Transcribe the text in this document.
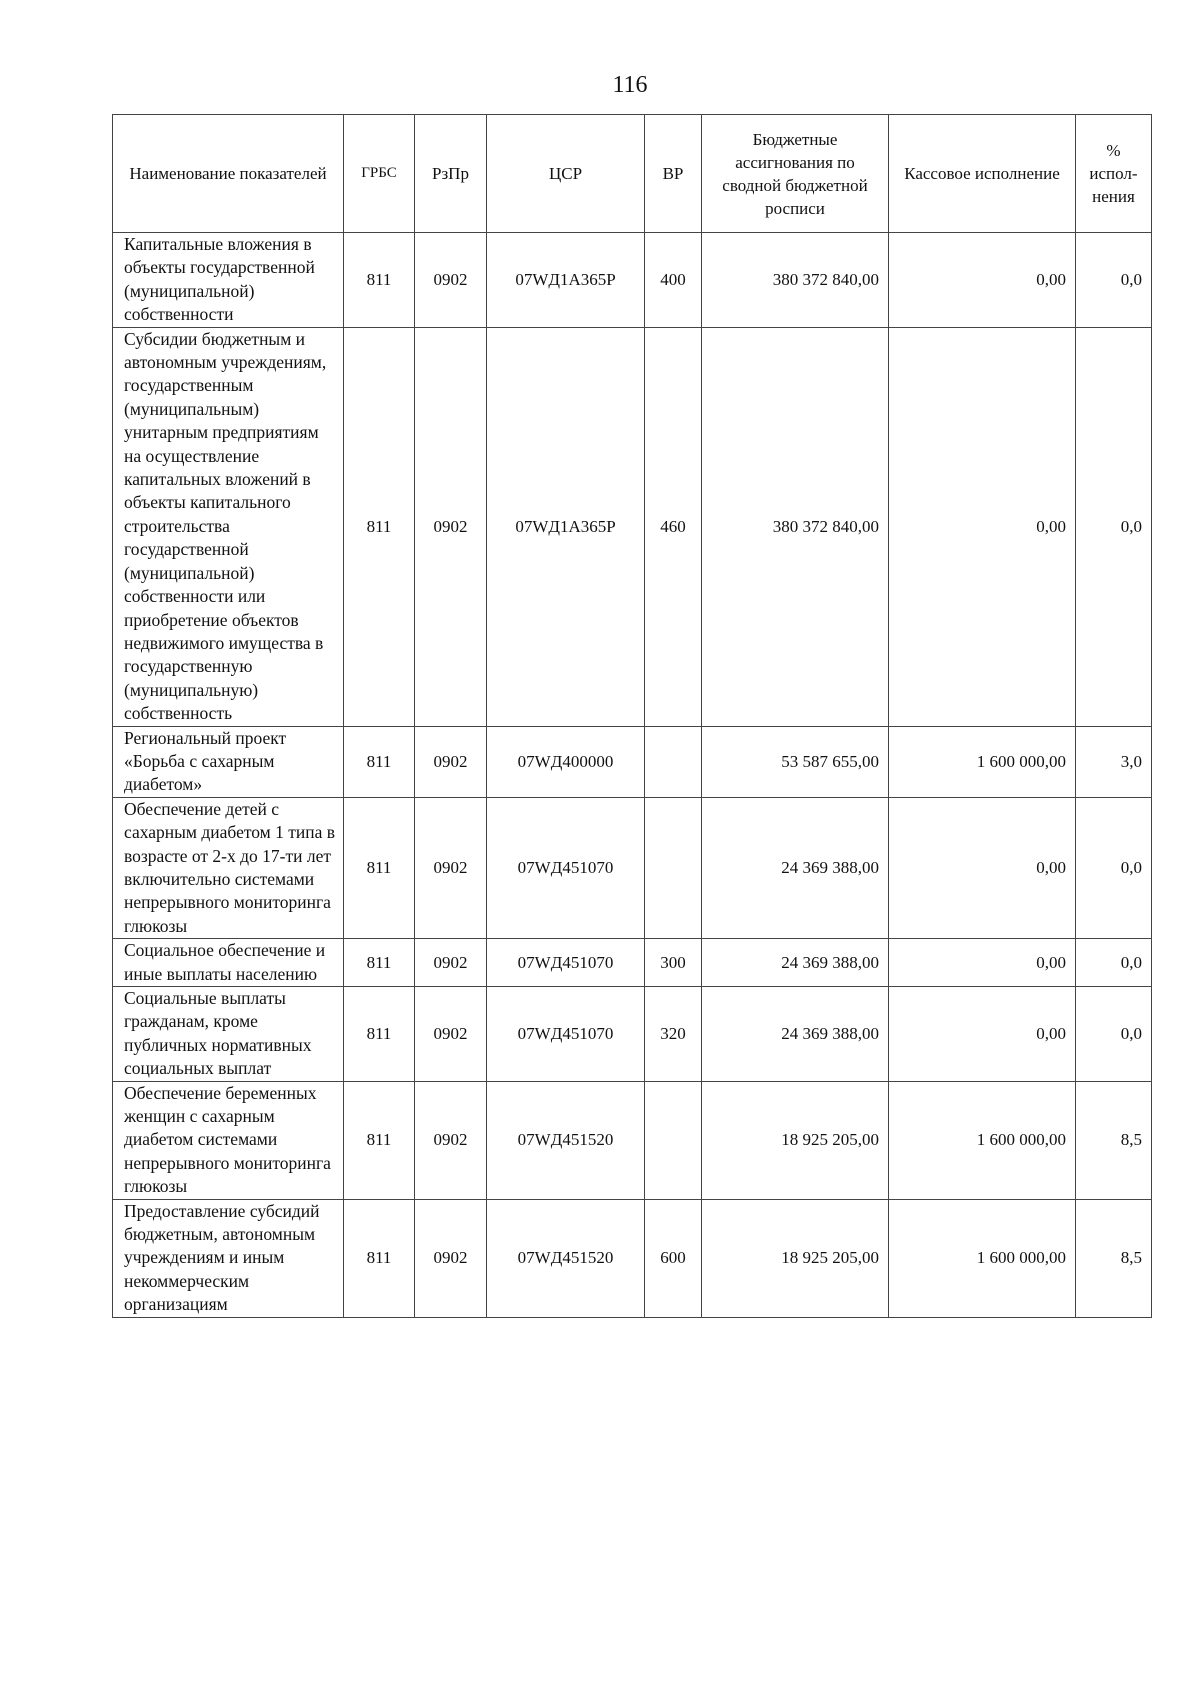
116
Наименование показателей	ГРБС	РзПр	ЦСР	ВР	Бюджетные ассигнования по сводной бюджетной росписи	Кассовое исполнение	% испол-нения
Капитальные вложения в объекты государственной (муниципальной) собственности	811	0902	07WД1А365Р	400	380 372 840,00	0,00	0,0
Субсидии бюджетным и автономным учреждениям, государственным (муниципальным) унитарным предприятиям на осуществление капитальных вложений в объекты капитального строительства государственной (муниципальной) собственности или приобретение объектов недвижимого имущества в государственную (муниципальную) собственность	811	0902	07WД1А365Р	460	380 372 840,00	0,00	0,0
Региональный проект «Борьба с сахарным диабетом»	811	0902	07WД400000		53 587 655,00	1 600 000,00	3,0
Обеспечение детей с сахарным диабетом 1 типа в возрасте от 2-х до 17-ти лет включительно системами непрерывного мониторинга глюкозы	811	0902	07WД451070		24 369 388,00	0,00	0,0
Социальное обеспечение и иные выплаты населению	811	0902	07WД451070	300	24 369 388,00	0,00	0,0
Социальные выплаты гражданам, кроме публичных нормативных социальных выплат	811	0902	07WД451070	320	24 369 388,00	0,00	0,0
Обеспечение беременных женщин с сахарным диабетом системами непрерывного мониторинга глюкозы	811	0902	07WД451520		18 925 205,00	1 600 000,00	8,5
Предоставление субсидий бюджетным, автономным учреждениям и иным некоммерческим организациям	811	0902	07WД451520	600	18 925 205,00	1 600 000,00	8,5
